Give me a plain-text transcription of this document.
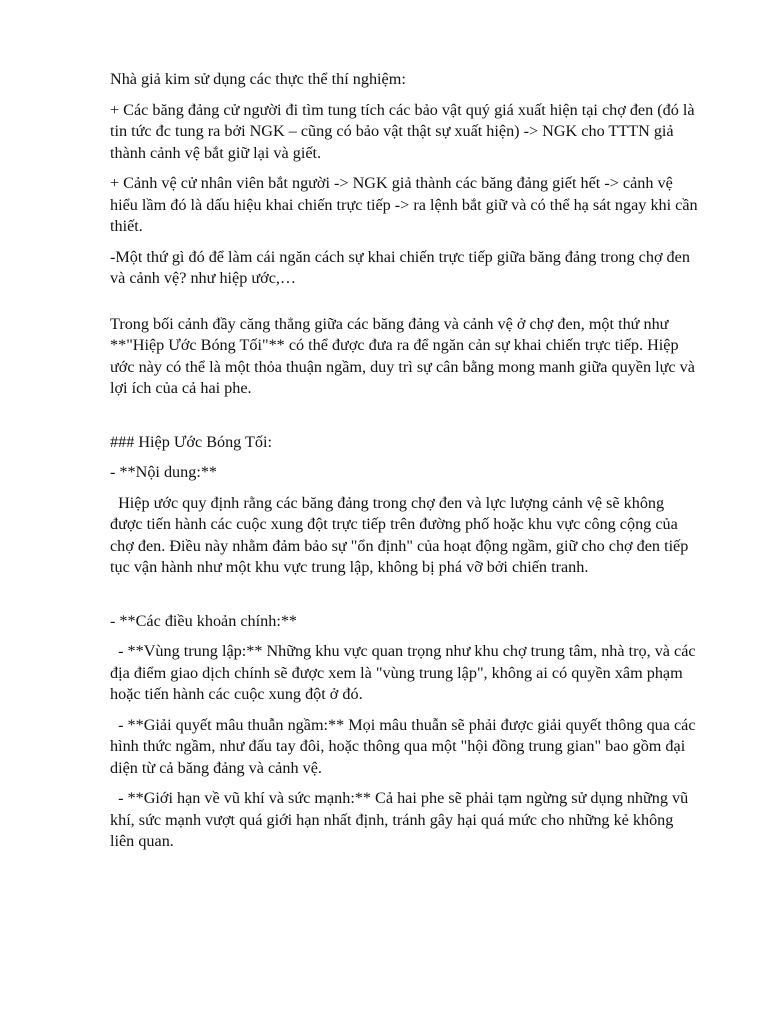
Nhà giả kim sử dụng các thực thể thí nghiệm:

+ Các băng đảng cử người đi tìm tung tích các bảo vật quý giá xuất hiện tại chợ đen (đó là tin tức đc tung ra bởi NGK – cũng có bảo vật thật sự xuất hiện) -> NGK cho TTTN giả thành cảnh vệ bắt giữ lại và giết.

+ Cảnh vệ cử nhân viên bắt người -> NGK giả thành các băng đảng giết hết -> cảnh vệ hiểu lầm đó là dấu hiệu khai chiến trực tiếp -> ra lệnh bắt giữ và có thể hạ sát ngay khi cần thiết.

-Một thứ gì đó để làm cái ngăn cách sự khai chiến trực tiếp giữa băng đảng trong chợ đen và cảnh vệ? như hiệp ước,…

Trong bối cảnh đầy căng thẳng giữa các băng đảng và cảnh vệ ở chợ đen, một thứ như **"Hiệp Ước Bóng Tối"** có thể được đưa ra để ngăn cản sự khai chiến trực tiếp. Hiệp ước này có thể là một thỏa thuận ngầm, duy trì sự cân bằng mong manh giữa quyền lực và lợi ích của cả hai phe.

### Hiệp Ước Bóng Tối:

- **Nội dung:**

Hiệp ước quy định rằng các băng đảng trong chợ đen và lực lượng cảnh vệ sẽ không được tiến hành các cuộc xung đột trực tiếp trên đường phố hoặc khu vực công cộng của chợ đen. Điều này nhằm đảm bảo sự "ổn định" của hoạt động ngầm, giữ cho chợ đen tiếp tục vận hành như một khu vực trung lập, không bị phá vỡ bởi chiến tranh.

- **Các điều khoản chính:**

- **Vùng trung lập:** Những khu vực quan trọng như khu chợ trung tâm, nhà trọ, và các địa điểm giao dịch chính sẽ được xem là "vùng trung lập", không ai có quyền xâm phạm hoặc tiến hành các cuộc xung đột ở đó.

- **Giải quyết mâu thuẫn ngầm:** Mọi mâu thuẫn sẽ phải được giải quyết thông qua các hình thức ngầm, như đấu tay đôi, hoặc thông qua một "hội đồng trung gian" bao gồm đại diện từ cả băng đảng và cảnh vệ.

- **Giới hạn về vũ khí và sức mạnh:** Cả hai phe sẽ phải tạm ngừng sử dụng những vũ khí, sức mạnh vượt quá giới hạn nhất định, tránh gây hại quá mức cho những kẻ không liên quan.
